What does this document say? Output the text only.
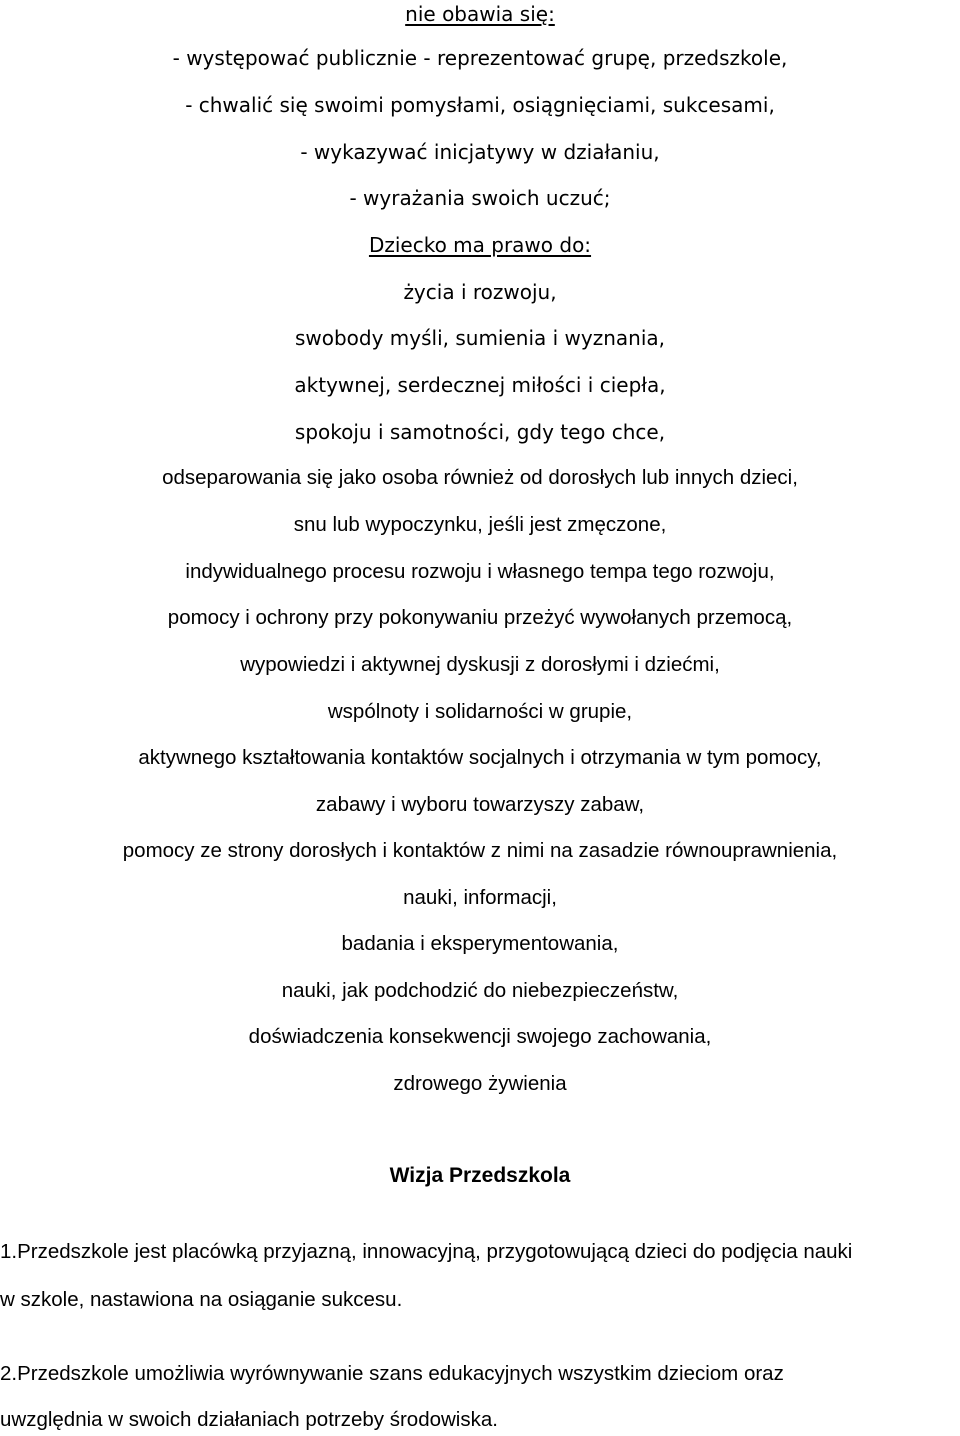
nie obawia się:
- występować publicznie - reprezentować grupę, przedszkole,
- chwalić się swoimi pomysłami, osiągnięciami, sukcesami,
- wykazywać inicjatywy w działaniu,
- wyrażania swoich uczuć;
Dziecko ma prawo do:
życia i rozwoju,
swobody myśli, sumienia i wyznania,
aktywnej, serdecznej miłości i ciepła,
spokoju i samotności, gdy tego chce,
odseparowania się jako osoba również od dorosłych lub innych dzieci,
snu lub wypoczynku, jeśli jest zmęczone,
indywidualnego procesu rozwoju i własnego tempa tego rozwoju,
pomocy i ochrony przy pokonywaniu przeżyć wywołanych przemocą,
wypowiedzi i aktywnej dyskusji z dorosłymi i dziećmi,
wspólnoty i solidarności w grupie,
aktywnego kształtowania kontaktów socjalnych i otrzymania w tym pomocy,
zabawy i wyboru towarzyszy zabaw,
pomocy ze strony dorosłych i kontaktów z nimi na zasadzie równouprawnienia,
nauki, informacji,
badania i eksperymentowania,
nauki, jak podchodzić do niebezpieczeństw,
doświadczenia konsekwencji swojego zachowania,
zdrowego żywienia
Wizja Przedszkola
1.Przedszkole jest placówką przyjazną, innowacyjną, przygotowującą dzieci do podjęcia nauki
w szkole, nastawiona na osiąganie sukcesu.
2.Przedszkole umożliwia wyrównywanie szans edukacyjnych wszystkim dzieciom oraz
uwzględnia w swoich działaniach potrzeby środowiska.
